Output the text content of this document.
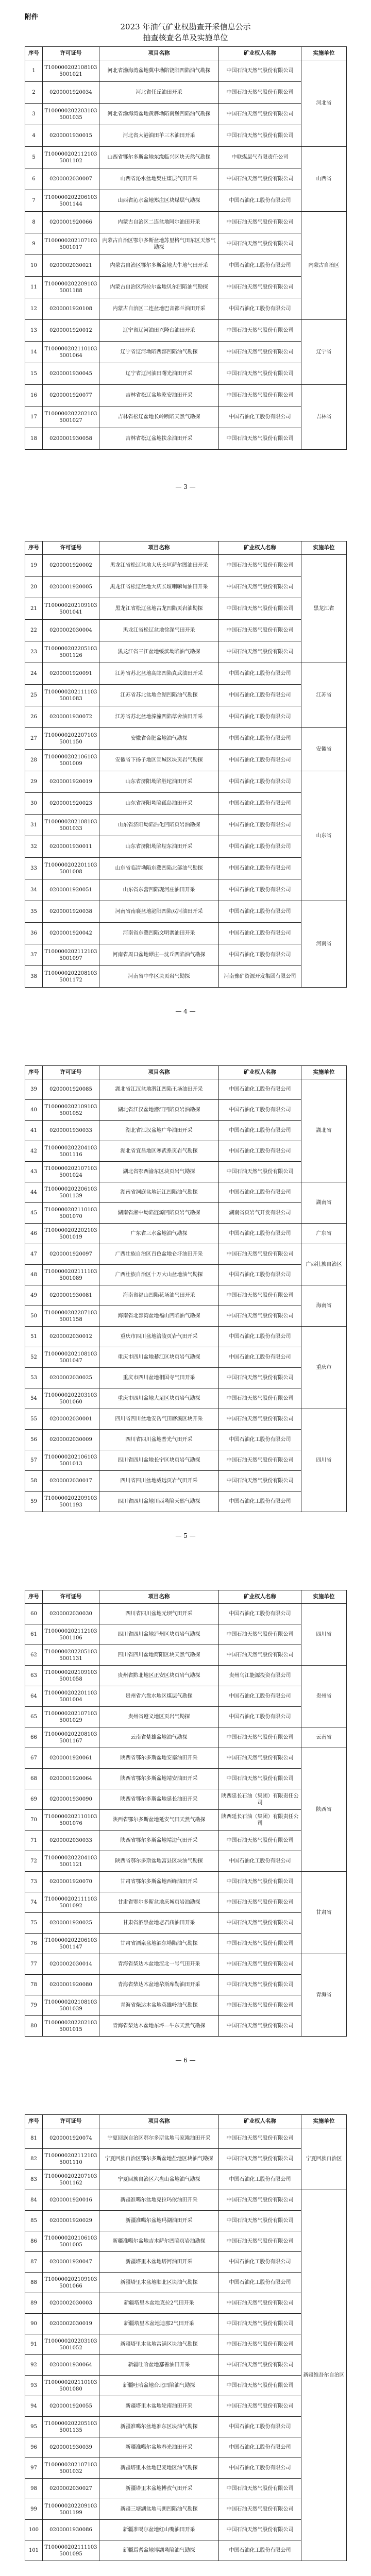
附件
2023 年油气矿业权勘查开采信息公示
抽查核查名单及实施单位
序号	许可证号	项目名称	矿业权人名称	实施单位
1	T1000002021081035001021	河北省渤海湾盆地冀中坳陷饶阳凹陷油气勘探	中国石油天然气股份有限公司	河北省
2	0200001920034	河北省任丘油田开采	中国石油天然气股份有限公司	
3	T1000002022031035001035	河北省渤海湾盆地黄骅坳陷南堡凹陷油气勘探	中国石油天然气股份有限公司	
4	0200001930015	河北省大港油田羊三木油田开采	中国石油天然气股份有限公司	
5	T1000002021121035001102	山西省鄂尔多斯盆地东缘临兴区块天然气勘探	中联煤层气有限责任公司	山西省
6	0200002030007	山西省沁水盆地樊庄煤层气田开采	中国石油天然气股份有限公司	
7	T1000002022061035001144	山西省沁水盆地郑庄区块煤层气勘探	中国石油化工股份有限公司	
8	0200001920066	内蒙古自治区二连盆地阿尔油田开采	中国石油天然气股份有限公司	内蒙古自治区
9	T1000002021071035001017	内蒙古自治区鄂尔多斯盆地苏里格气田东区天然气勘探	中国石油天然气股份有限公司	
10	0200002030021	内蒙古自治区鄂尔多斯盆地大牛地气田开采	中国石油化工股份有限公司	
11	T1000002022091035001188	内蒙古自治区海拉尔盆地贝尔凹陷油气勘探	中国石油天然气股份有限公司	
12	0200001920108	内蒙古自治区二连盆地巴音都兰油田开采	中国石油化工股份有限公司	
13	0200001920012	辽宁省辽河油田兴隆台油田开采	中国石油天然气股份有限公司	辽宁省
14	T1000002021101035001064	辽宁省辽河坳陷西部凹陷油气勘探	中国石油天然气股份有限公司	
15	0200001930045	辽宁省辽河油田曙光油田开采	中国石油天然气股份有限公司	
16	0200001920077	吉林省松辽盆地乾安油田开采	中国石油天然气股份有限公司	吉林省
17	T1000002022021035001027	吉林省松辽盆地长岭断陷天然气勘探	中国石油化工股份有限公司	
18	0200001930058	吉林省松辽盆地扶余油田开采	中国石油天然气股份有限公司	
— 3 —
序号	许可证号	项目名称	矿业权人名称	实施单位
19	0200001920002	黑龙江省松辽盆地大庆长垣萨尔图油田开采	中国石油天然气股份有限公司	黑龙江省
20	0200001920005	黑龙江省松辽盆地大庆长垣喇嘛甸油田开采	中国石油天然气股份有限公司	
21	T1000002021091035001041	黑龙江省松辽盆地古龙凹陷页岩油勘探	中国石油天然气股份有限公司	
22	0200002030004	黑龙江省松辽盆地徐深气田开采	中国石油天然气股份有限公司	
23	T1000002022051035001126	黑龙江省三江盆地绥滨坳陷油气勘探	中国石油天然气股份有限公司	
24	0200001920091	江苏省苏北盆地高邮凹陷真武油田开采	中国石油化工股份有限公司	江苏省
25	T1000002021111035001083	江苏省苏北盆地金湖凹陷油气勘探	中国石油化工股份有限公司	
26	0200001930072	江苏省苏北盆地溱潼凹陷草舍油田开采	中国石油化工股份有限公司	
27	T1000002022071035001150	安徽省合肥盆地油气勘探	中国石油化工股份有限公司	安徽省
28	T1000002021061035001009	安徽省下扬子地区宣城区块页岩气勘探	中国石油化工股份有限公司	
29	0200001920019	山东省济阳坳陷胜坨油田开采	中国石油化工股份有限公司	山东省
30	0200001920023	山东省济阳坳陷孤岛油田开采	中国石油化工股份有限公司	
31	T1000002021081035001033	山东省济阳坳陷沾化凹陷页岩油勘探	中国石油化工股份有限公司	
32	0200001930011	山东省济阳坳陷埕东油田开采	中国石油化工股份有限公司	
33	T1000002022011035001008	山东省临清坳陷东濮凹陷北部油气勘探	中国石油化工股份有限公司	
34	0200001920051	山东省东营凹陷现河庄油田开采	中国石油化工股份有限公司	
35	0200001920038	河南省南襄盆地泌阳凹陷双河油田开采	中国石油化工股份有限公司	河南省
36	0200001920042	河南省东濮凹陷文明寨油田开采	中国石油化工股份有限公司	
37	T1000002021121035001097	河南省周口盆地谭庄—沈丘凹陷油气勘探	中国石油化工股份有限公司	
38	T1000002022081035001172	河南省中牟区块页岩气勘探	河南豫矿资源开发集团有限公司	
— 4 —
序号	许可证号	项目名称	矿业权人名称	实施单位
39	0200001920085	湖北省江汉盆地潜江凹陷王场油田开采	中国石油化工股份有限公司	湖北省
40	T1000002021091035001052	湖北省江汉盆地潜江凹陷页岩油勘探	中国石油化工股份有限公司	
41	0200001930033	湖北省江汉盆地广华油田开采	中国石油化工股份有限公司	
42	T1000002022041035001116	湖北省宜昌地区寒武系页岩气勘探	中国石油化工股份有限公司	
43	T1000002021071035001024	湖北省鄂西渝东区块页岩气勘探	中国石油天然气股份有限公司	
44	T1000002022061035001139	湖南省洞庭盆地沅江凹陷油气勘探	中国石油化工股份有限公司	湖南省
45	T1000002021101035001070	湖南省湘中坳陷涟源凹陷页岩气勘探	湖南省页岩气开发有限公司	
46	T1000002022021035001019	广东省三水盆地油气勘探	中国石油化工股份有限公司	广东省
47	0200001920097	广西壮族自治区百色盆地仑圩油田开采	中国石油天然气股份有限公司	广西壮族自治区
48	T1000002021111035001089	广西壮族自治区十万大山盆地油气勘探	中国石油化工股份有限公司	
49	0200001930081	海南省福山凹陷花场油气田开采	中国石油天然气股份有限公司	海南省
50	T1000002022071035001158	海南省北部湾盆地福山凹陷油气勘探	中国石油天然气股份有限公司	
51	0200002030012	重庆市四川盆地涪陵页岩气田开采	中国石油化工股份有限公司	重庆市
52	T1000002021081035001047	重庆市四川盆地綦江区块页岩气勘探	中国石油化工股份有限公司	
53	0200002030025	重庆市四川盆地相国寺气田开采	中国石油天然气股份有限公司	
54	T1000002022031035001060	重庆市四川盆地大足区块页岩气勘探	中国石油天然气股份有限公司	
55	0200002030001	四川省四川盆地安岳气田磨溪区块开采	中国石油天然气股份有限公司	四川省
56	0200002030009	四川省四川盆地普光气田开采	中国石油化工股份有限公司	
57	T1000002021061035001013	四川省四川盆地长宁区块页岩气勘探	中国石油天然气股份有限公司	
58	0200002030017	四川省四川盆地威远页岩气田开采	中国石油天然气股份有限公司	
59	T1000002022091035001193	四川省四川盆地川西坳陷天然气勘探	中国石油化工股份有限公司	
— 5 —
序号	许可证号	项目名称	矿业权人名称	实施单位
60	0200002030030	四川省四川盆地元坝气田开采	中国石油化工股份有限公司	四川省
61	T1000002021121035001106	四川省四川盆地泸州区块页岩气勘探	中国石油天然气股份有限公司	
62	T1000002022051035001131	四川省四川盆地简阳区块天然气勘探	中国石油天然气股份有限公司	
63	T1000002021091035001058	贵州省黔北地区正安区块页岩气勘探	贵州乌江能源投资有限公司	贵州省
64	T1000002022011035001004	贵州省六盘水地区煤层气勘探	中国石油化工股份有限公司	
65	T1000002021071035001029	贵州省遵义地区页岩气勘探	中国石油化工股份有限公司	
66	T1000002022081035001167	云南省楚雄盆地油气勘探	中国石油天然气股份有限公司	云南省
67	0200001920061	陕西省鄂尔多斯盆地安塞油田开采	中国石油天然气股份有限公司	陕西省
68	0200001920064	陕西省鄂尔多斯盆地靖安油田开采	中国石油天然气股份有限公司	
69	0200001930090	陕西省鄂尔多斯盆地延长油田开采	陕西延长石油（集团）有限责任公司	
70	T1000002021101035001076	陕西省鄂尔多斯盆地延安气田天然气勘探	陕西延长石油（集团）有限责任公司	
71	0200002030033	陕西省鄂尔多斯盆地靖边气田开采	中国石油天然气股份有限公司	
72	T1000002022041035001121	陕西省鄂尔多斯盆地富县区块油气勘探	中国石油化工股份有限公司	
73	0200001920070	甘肃省鄂尔多斯盆地西峰油田开采	中国石油天然气股份有限公司	甘肃省
74	T1000002021111035001092	甘肃省鄂尔多斯盆地庆城页岩油勘探	中国石油天然气股份有限公司	
75	0200001920025	甘肃省酒泉盆地老君庙油田开采	中国石油天然气股份有限公司	
76	T1000002022061035001147	甘肃省酒泉盆地酒东坳陷油气勘探	中国石油天然气股份有限公司	
77	0200002030014	青海省柴达木盆地涩北一号气田开采	中国石油天然气股份有限公司	青海省
78	0200001920080	青海省柴达木盆地尕斯库勒油田开采	中国石油天然气股份有限公司	
79	T1000002021081035001039	青海省柴达木盆地英雄岭油气勘探	中国石油天然气股份有限公司	
80	T1000002022021035001015	青海省柴达木盆地东坪—牛东天然气勘探	中国石油天然气股份有限公司	
— 6 —
序号	许可证号	项目名称	矿业权人名称	实施单位
81	0200001920074	宁夏回族自治区鄂尔多斯盆地马家滩油田开采	中国石油天然气股份有限公司	宁夏回族自治区
82	T1000002021121035001110	宁夏回族自治区鄂尔多斯盆地盐池区块油气勘探	中国石油天然气股份有限公司	
83	T1000002022071035001162	宁夏回族自治区六盘山盆地油气勘探	中国石油化工股份有限公司	
84	0200001920016	新疆准噶尔盆地克拉玛依油田开采	中国石油天然气股份有限公司	新疆维吾尔自治区
85	0200001920029	新疆准噶尔盆地玛湖油田开采	中国石油天然气股份有限公司	
86	T1000002021061035001005	新疆准噶尔盆地吉木萨尔凹陷页岩油勘探	中国石油天然气股份有限公司	
87	0200001920047	新疆塔里木盆地塔河油田开采	中国石油化工股份有限公司	
88	T1000002021091035001066	新疆塔里木盆地顺北区块油气勘探	中国石油化工股份有限公司	
89	0200002030003	新疆塔里木盆地克拉2气田开采	中国石油天然气股份有限公司	
90	0200002030019	新疆塔里木盆地迪那2气田开采	中国石油天然气股份有限公司	
91	T1000002022031035001052	新疆塔里木盆地富满区块油气勘探	中国石油天然气股份有限公司	
92	0200001930064	新疆吐哈盆地鄯善油田开采	中国石油天然气股份有限公司	
93	T1000002021101035001080	新疆吐哈盆地台北凹陷油气勘探	中国石油天然气股份有限公司	
94	0200001920055	新疆塔里木盆地轮南油田开采	中国石油天然气股份有限公司	
95	T1000002022051035001135	新疆准噶尔盆地准东区块油气勘探	中国石油化工股份有限公司	
96	0200001930039	新疆准噶尔盆地春光油田开采	中国石油化工股份有限公司	
97	T1000002021071035001032	新疆塔里木盆地巴麦地区油气勘探	中国石油化工股份有限公司	
98	0200002030027	新疆塔里木盆地博孜气田开采	中国石油天然气股份有限公司	
99	T1000002022091035001199	新疆三塘湖盆地马朗凹陷油气勘探	中国石油天然气股份有限公司	
100	0200001930086	新疆准噶尔盆地红山嘴油田开采	中国石油天然气股份有限公司	
101	T1000002021111035001095	新疆焉耆盆地博湖坳陷油气勘探	中国石油化工股份有限公司	
